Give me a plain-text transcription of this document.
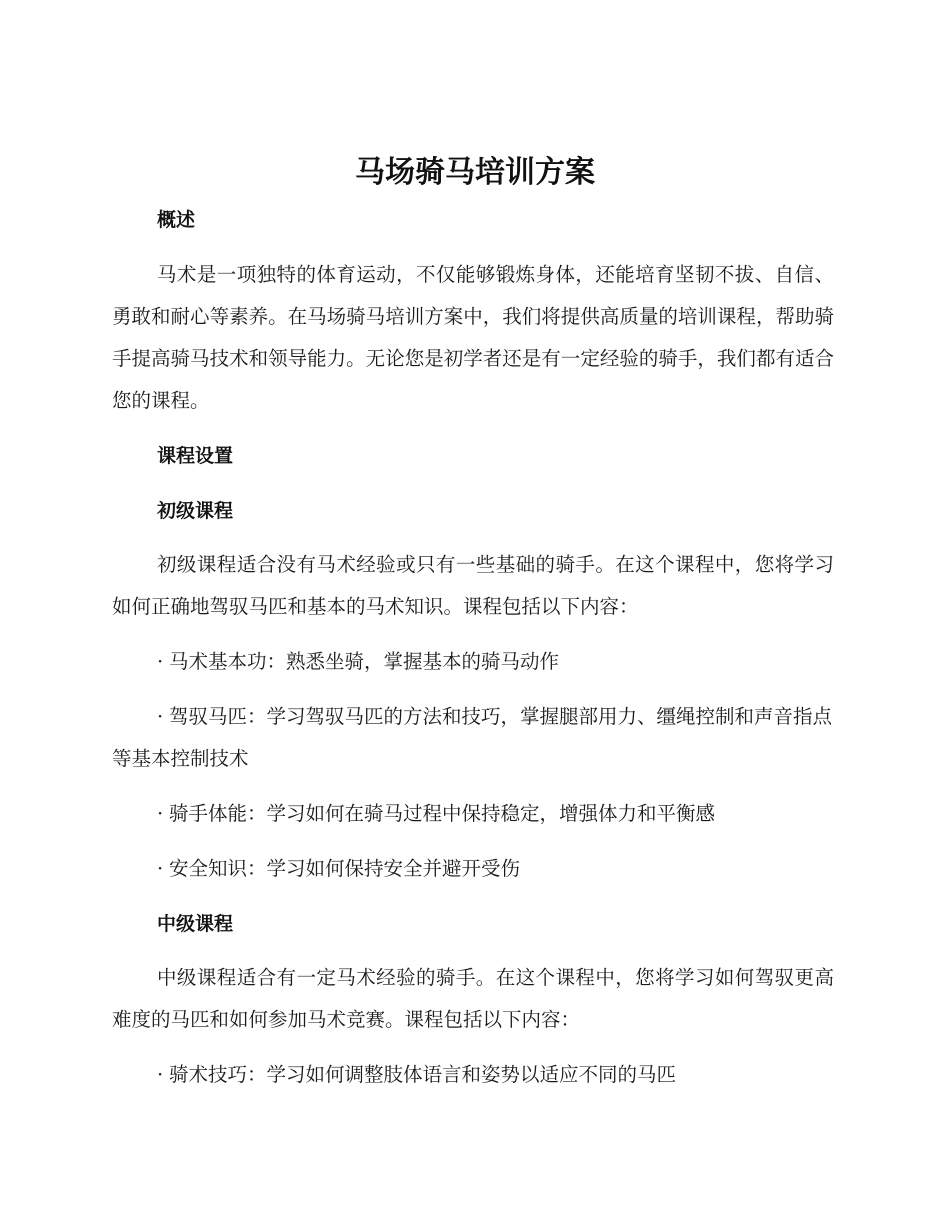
马场骑马培训方案
概述

马术是一项独特的体育运动，不仅能够锻炼身体，还能培育坚韧不拔、自信、勇敢和耐心等素养。在马场骑马培训方案中，我们将提供高质量的培训课程，帮助骑手提高骑马技术和领导能力。无论您是初学者还是有一定经验的骑手，我们都有适合您的课程。

课程设置
初级课程

初级课程适合没有马术经验或只有一些基础的骑手。在这个课程中，您将学习如何正确地驾驭马匹和基本的马术知识。课程包括以下内容：

· 马术基本功：熟悉坐骑，掌握基本的骑马动作

· 驾驭马匹：学习驾驭马匹的方法和技巧，掌握腿部用力、缰绳控制和声音指点等基本控制技术

· 骑手体能：学习如何在骑马过程中保持稳定，增强体力和平衡感

· 安全知识：学习如何保持安全并避开受伤

中级课程

中级课程适合有一定马术经验的骑手。在这个课程中，您将学习如何驾驭更高难度的马匹和如何参加马术竞赛。课程包括以下内容：

· 骑术技巧：学习如何调整肢体语言和姿势以适应不同的马匹
